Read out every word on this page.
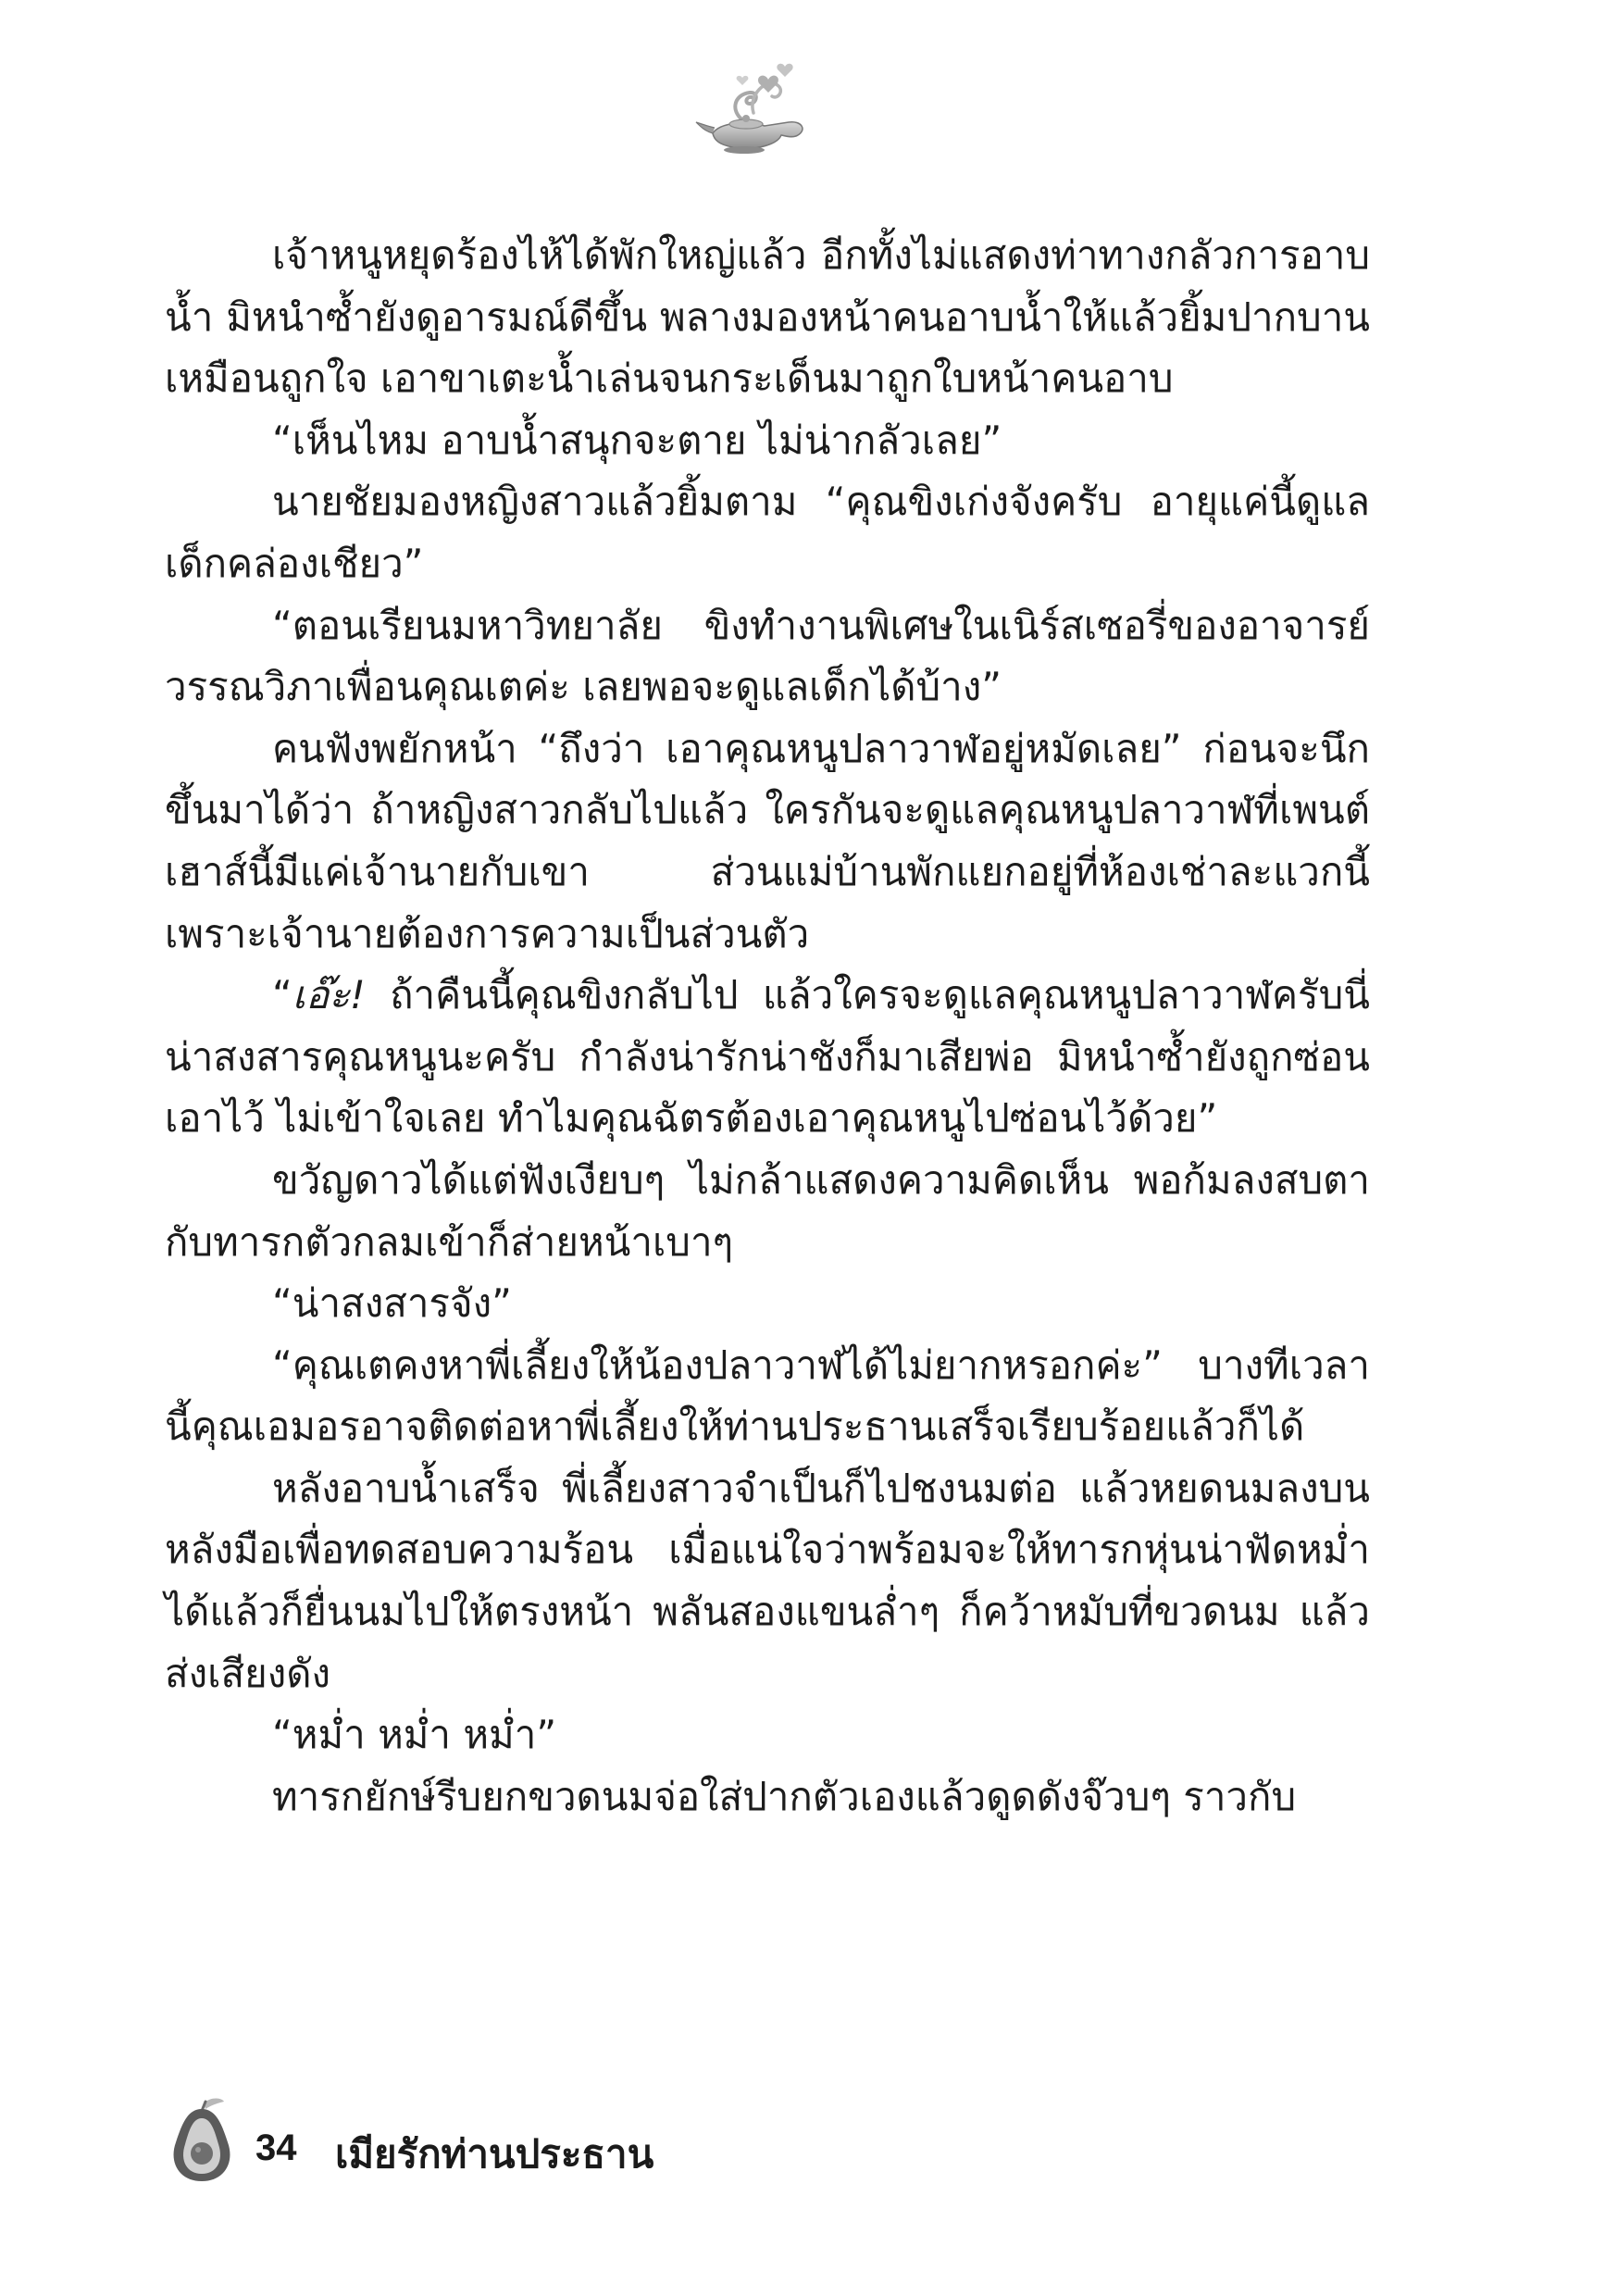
เจ้าหนูหยุดร้องไห้ได้พักใหญ่แล้ว อีกทั้งไม่แสดงท่าทางกลัวการอาบน้ำ มิหนำซ้ำยังดูอารมณ์ดีขึ้น พลางมองหน้าคนอาบน้ำให้แล้วยิ้มปากบานเหมือนถูกใจ เอาขาเตะน้ำเล่นจนกระเด็นมาถูกใบหน้าคนอาบ

“เห็นไหม อาบน้ำสนุกจะตาย ไม่น่ากลัวเลย”

นายชัยมองหญิงสาวแล้วยิ้มตาม “คุณขิงเก่งจังครับ อายุแค่นี้ดูแลเด็กคล่องเชียว”

“ตอนเรียนมหาวิทยาลัย ขิงทำงานพิเศษในเนิร์สเซอรี่ของอาจารย์วรรณวิภาเพื่อนคุณเตค่ะ เลยพอจะดูแลเด็กได้บ้าง”

คนฟังพยักหน้า “ถึงว่า เอาคุณหนูปลาวาฬอยู่หมัดเลย” ก่อนจะนึกขึ้นมาได้ว่า ถ้าหญิงสาวกลับไปแล้ว ใครกันจะดูแลคุณหนูปลาวาฬที่เพนต์เฮาส์นี้มีแค่เจ้านายกับเขา ส่วนแม่บ้านพักแยกอยู่ที่ห้องเช่าละแวกนี้ เพราะเจ้านายต้องการความเป็นส่วนตัว

“เอ๊ะ! ถ้าคืนนี้คุณขิงกลับไป แล้วใครจะดูแลคุณหนูปลาวาฬครับนี่ น่าสงสารคุณหนูนะครับ กำลังน่ารักน่าชังก็มาเสียพ่อ มิหนำซ้ำยังถูกซ่อนเอาไว้ ไม่เข้าใจเลย ทำไมคุณฉัตรต้องเอาคุณหนูไปซ่อนไว้ด้วย”

ขวัญดาวได้แต่ฟังเงียบๆ ไม่กล้าแสดงความคิดเห็น พอก้มลงสบตากับทารกตัวกลมเข้าก็ส่ายหน้าเบาๆ

“น่าสงสารจัง”

“คุณเตคงหาพี่เลี้ยงให้น้องปลาวาฬได้ไม่ยากหรอกค่ะ” บางทีเวลานี้คุณเอมอรอาจติดต่อหาพี่เลี้ยงให้ท่านประธานเสร็จเรียบร้อยแล้วก็ได้

หลังอาบน้ำเสร็จ พี่เลี้ยงสาวจำเป็นก็ไปชงนมต่อ แล้วหยดนมลงบนหลังมือเพื่อทดสอบความร้อน เมื่อแน่ใจว่าพร้อมจะให้ทารกหุ่นน่าฟัดหม่ำได้แล้วก็ยื่นนมไปให้ตรงหน้า พลันสองแขนล่ำๆ ก็คว้าหมับที่ขวดนม แล้วส่งเสียงดัง

“หม่ำ หม่ำ หม่ำ”

ทารกยักษ์รีบยกขวดนมจ่อใส่ปากตัวเองแล้วดูดดังจ๊วบๆ ราวกับ

34 เมียรักท่านประธาน
